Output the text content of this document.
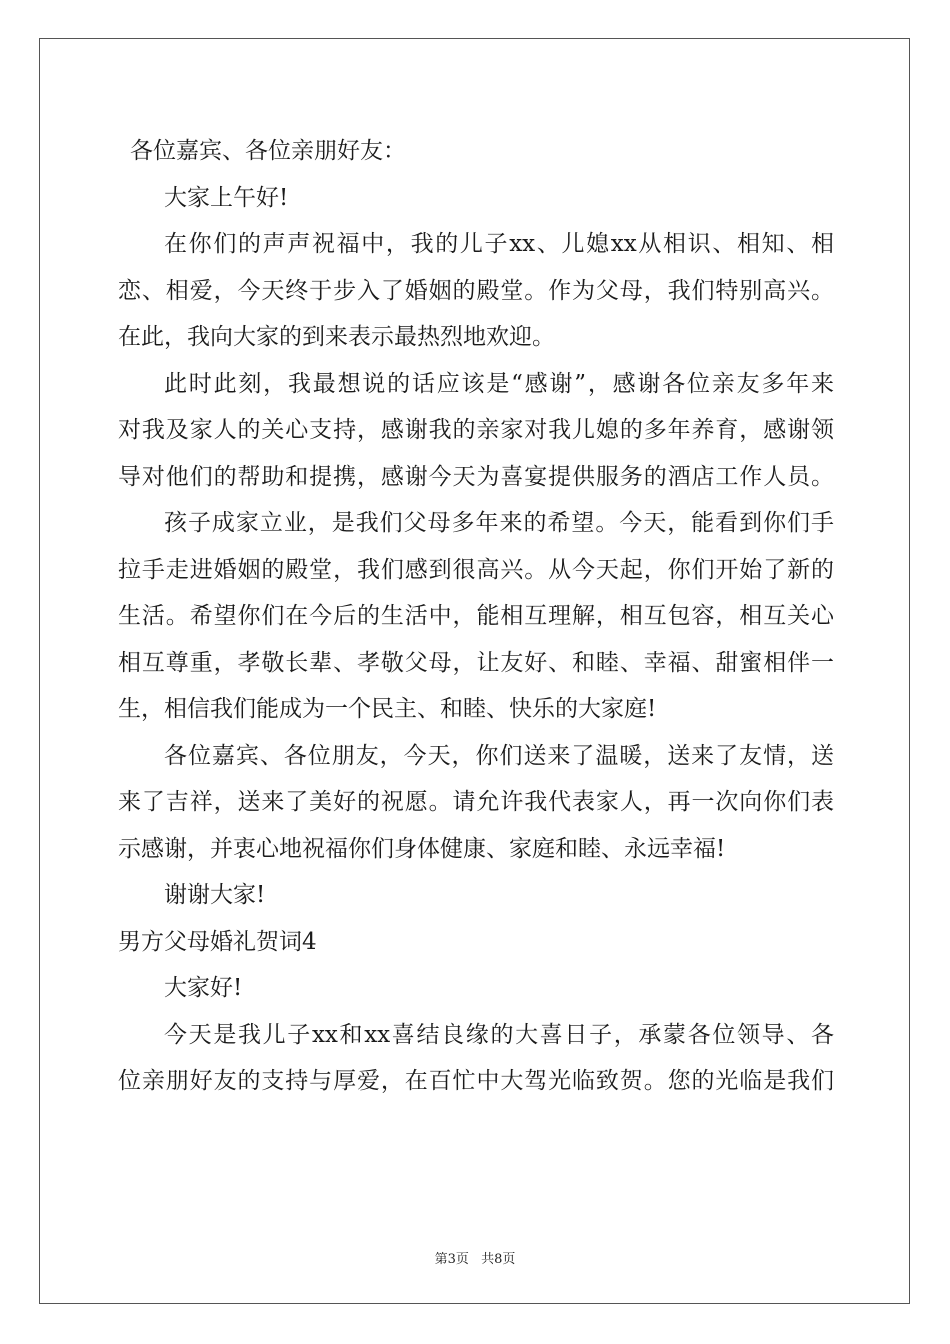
各位嘉宾、各位亲朋好友：
大家上午好!
在你们的声声祝福中，我的儿子xx、儿媳xx从相识、相知、相
恋、相爱，今天终于步入了婚姻的殿堂。作为父母，我们特别高兴。
在此，我向大家的到来表示最热烈地欢迎。
此时此刻，我最想说的话应该是“感谢”，感谢各位亲友多年来
对我及家人的关心支持，感谢我的亲家对我儿媳的多年养育，感谢领
导对他们的帮助和提携，感谢今天为喜宴提供服务的酒店工作人员。
孩子成家立业，是我们父母多年来的希望。今天，能看到你们手
拉手走进婚姻的殿堂，我们感到很高兴。从今天起，你们开始了新的
生活。希望你们在今后的生活中，能相互理解，相互包容，相互关心
相互尊重，孝敬长辈、孝敬父母，让友好、和睦、幸福、甜蜜相伴一
生，相信我们能成为一个民主、和睦、快乐的大家庭!
各位嘉宾、各位朋友，今天，你们送来了温暖，送来了友情，送
来了吉祥，送来了美好的祝愿。请允许我代表家人，再一次向你们表
示感谢，并衷心地祝福你们身体健康、家庭和睦、永远幸福!
谢谢大家!
男方父母婚礼贺词4
大家好!
今天是我儿子xx和xx喜结良缘的大喜日子，承蒙各位领导、各
位亲朋好友的支持与厚爱，在百忙中大驾光临致贺。您的光临是我们
第3页 共8页
